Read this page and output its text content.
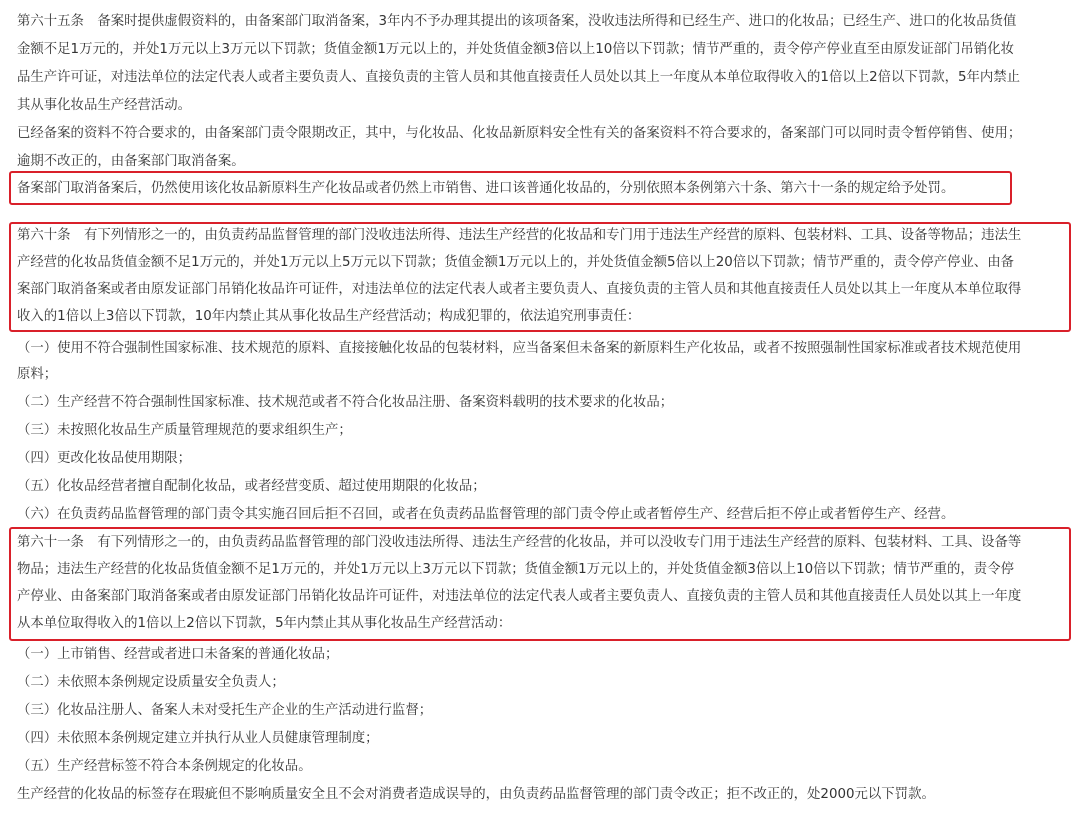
第六十五条　备案时提供虚假资料的，由备案部门取消备案，3年内不予办理其提出的该项备案，没收违法所得和已经生产、进口的化妆品；已经生产、进口的化妆品货值
金额不足1万元的，并处1万元以上3万元以下罚款；货值金额1万元以上的，并处货值金额3倍以上10倍以下罚款；情节严重的，责令停产停业直至由原发证部门吊销化妆
品生产许可证，对违法单位的法定代表人或者主要负责人、直接负责的主管人员和其他直接责任人员处以其上一年度从本单位取得收入的1倍以上2倍以下罚款，5年内禁止
其从事化妆品生产经营活动。
已经备案的资料不符合要求的，由备案部门责令限期改正，其中，与化妆品、化妆品新原料安全性有关的备案资料不符合要求的，备案部门可以同时责令暂停销售、使用；
逾期不改正的，由备案部门取消备案。
备案部门取消备案后，仍然使用该化妆品新原料生产化妆品或者仍然上市销售、进口该普通化妆品的，分别依照本条例第六十条、第六十一条的规定给予处罚。
第六十条　有下列情形之一的，由负责药品监督管理的部门没收违法所得、违法生产经营的化妆品和专门用于违法生产经营的原料、包装材料、工具、设备等物品；违法生
产经营的化妆品货值金额不足1万元的，并处1万元以上5万元以下罚款；货值金额1万元以上的，并处货值金额5倍以上20倍以下罚款；情节严重的，责令停产停业、由备
案部门取消备案或者由原发证部门吊销化妆品许可证件，对违法单位的法定代表人或者主要负责人、直接负责的主管人员和其他直接责任人员处以其上一年度从本单位取得
收入的1倍以上3倍以下罚款，10年内禁止其从事化妆品生产经营活动；构成犯罪的，依法追究刑事责任：
（一）使用不符合强制性国家标准、技术规范的原料、直接接触化妆品的包装材料，应当备案但未备案的新原料生产化妆品，或者不按照强制性国家标准或者技术规范使用
原料；
（二）生产经营不符合强制性国家标准、技术规范或者不符合化妆品注册、备案资料载明的技术要求的化妆品；
（三）未按照化妆品生产质量管理规范的要求组织生产；
（四）更改化妆品使用期限；
（五）化妆品经营者擅自配制化妆品，或者经营变质、超过使用期限的化妆品；
（六）在负责药品监督管理的部门责令其实施召回后拒不召回，或者在负责药品监督管理的部门责令停止或者暂停生产、经营后拒不停止或者暂停生产、经营。
第六十一条　有下列情形之一的，由负责药品监督管理的部门没收违法所得、违法生产经营的化妆品，并可以没收专门用于违法生产经营的原料、包装材料、工具、设备等
物品；违法生产经营的化妆品货值金额不足1万元的，并处1万元以上3万元以下罚款；货值金额1万元以上的，并处货值金额3倍以上10倍以下罚款；情节严重的，责令停
产停业、由备案部门取消备案或者由原发证部门吊销化妆品许可证件，对违法单位的法定代表人或者主要负责人、直接负责的主管人员和其他直接责任人员处以其上一年度
从本单位取得收入的1倍以上2倍以下罚款，5年内禁止其从事化妆品生产经营活动：
（一）上市销售、经营或者进口未备案的普通化妆品；
（二）未依照本条例规定设质量安全负责人；
（三）化妆品注册人、备案人未对受托生产企业的生产活动进行监督；
（四）未依照本条例规定建立并执行从业人员健康管理制度；
（五）生产经营标签不符合本条例规定的化妆品。
生产经营的化妆品的标签存在瑕疵但不影响质量安全且不会对消费者造成误导的，由负责药品监督管理的部门责令改正；拒不改正的，处2000元以下罚款。
